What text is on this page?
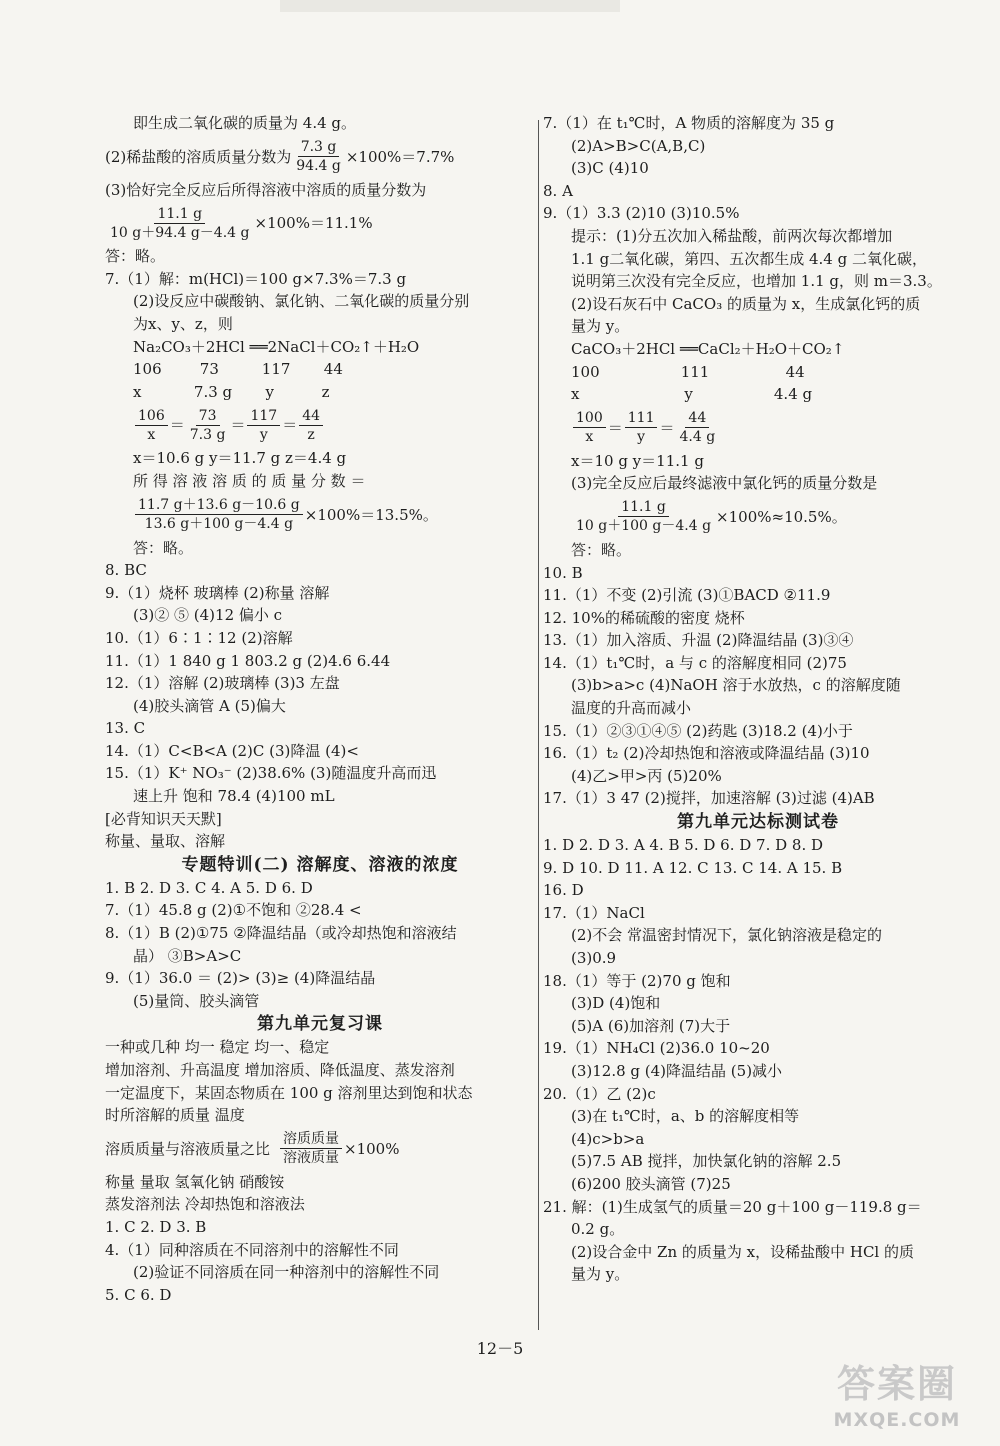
即生成二氧化碳的质量为 4.4 g。
(2)稀盐酸的溶质质量分数为 $\frac{7.3 g}{94.4 g} \times 100\%=7.7\%$
(3)恰好完全反应后所得溶液中溶质的质量分数为
$\frac{11.1 g}{10 g+94.4 g-4.4 g} \times 100\%=11.1\%$
答：略。
7.（1）解：m(HCl)＝100 g×7.3%＝7.3 g
(2)设反应中碳酸钠、氯化钠、二氧化碳的质量分别
为x、y、z，则
Na₂CO₃＋2HCl ══2NaCl＋CO₂↑＋H₂O
106        73         117       44
x           7.3 g       y          z
$\frac{106}{x} = \frac{73}{7.3 g} = \frac{117}{y} = \frac{44}{z}$
x＝10.6 g y＝11.7 g z＝4.4 g
所 得 溶 液 溶 质 的 质 量 分 数 ＝
$\frac{11.7 g+13.6 g-10.6 g}{13.6 g+100 g-4.4 g} \times 100\%=13.5\%$。
答：略。
8. BC
9.（1）烧杯 玻璃棒 (2)称量 溶解
(3)② ⑤ (4)12 偏小 c
10.（1）6∶1∶12 (2)溶解
11.（1）1 840 g 1 803.2 g (2)4.6 6.44
12.（1）溶解 (2)玻璃棒 (3)3 左盘
(4)胶头滴管 A (5)偏大
13. C
14.（1）C<B<A (2)C (3)降温 (4)<
15.（1）K⁺ NO₃⁻ (2)38.6% (3)随温度升高而迅
速上升 饱和 78.4 (4)100 mL
[必背知识天天默]
称量、量取、溶解
专题特训(二) 溶解度、溶液的浓度
1. B 2. D 3. C 4. A 5. D 6. D
7.（1）45.8 g (2)①不饱和 ②28.4 <
8.（1）B (2)①75 ②降温结晶（或冷却热饱和溶液结
晶） ③B>A>C
9.（1）36.0 ＝ (2)> (3)≥ (4)降温结晶
(5)量筒、胶头滴管
第九单元复习课
一种或几种 均一 稳定 均一、稳定
增加溶剂、升高温度 增加溶质、降低温度、蒸发溶剂
一定温度下，某固态物质在 100 g 溶剂里达到饱和状态
时所溶解的质量 温度
溶质质量与溶液质量之比 $\frac{\text{溶质质量}}{\text{溶液质量}} \times 100\%$
称量 量取 氢氧化钠 硝酸铵
蒸发溶剂法 冷却热饱和溶液法
1. C 2. D 3. B
4.（1）同种溶质在不同溶剂中的溶解性不同
(2)验证不同溶质在同一种溶剂中的溶解性不同
5. C 6. D
7.（1）在 t₁℃时，A 物质的溶解度为 35 g
(2)A>B>C(A,B,C)
(3)C (4)10
8. A
9.（1）3.3 (2)10 (3)10.5%
提示：(1)分五次加入稀盐酸，前两次每次都增加
1.1 g二氧化碳，第四、五次都生成 4.4 g 二氧化碳，
说明第三次没有完全反应，也增加 1.1 g，则 m＝3.3。
(2)设石灰石中 CaCO₃ 的质量为 x，生成氯化钙的质
量为 y。
CaCO₃＋2HCl ══CaCl₂＋H₂O＋CO₂↑
100                 111                44
x                      y                 4.4 g
$\frac{100}{x} = \frac{111}{y} = \frac{44}{4.4 g}$
x＝10 g y＝11.1 g
(3)完全反应后最终滤液中氯化钙的质量分数是
$\frac{11.1 g}{10 g+100 g-4.4 g} \times 100\%\approx 10.5\%$。
答：略。
10. B
11.（1）不变 (2)引流 (3)①BACD ②11.9
12. 10%的稀硫酸的密度 烧杯
13.（1）加入溶质、升温 (2)降温结晶 (3)③④
14.（1）t₁℃时，a 与 c 的溶解度相同 (2)75
(3)b>a>c (4)NaOH 溶于水放热，c 的溶解度随
温度的升高而减小
15.（1）②③①④⑤ (2)药匙 (3)18.2 (4)小于
16.（1）t₂ (2)冷却热饱和溶液或降温结晶 (3)10
(4)乙>甲>丙 (5)20%
17.（1）3 47 (2)搅拌，加速溶解 (3)过滤 (4)AB
第九单元达标测试卷
1. D 2. D 3. A 4. B 5. D 6. D 7. D 8. D
9. D 10. D 11. A 12. C 13. C 14. A 15. B
16. D
17.（1）NaCl
(2)不会 常温密封情况下，氯化钠溶液是稳定的
(3)0.9
18.（1）等于 (2)70 g 饱和
(3)D (4)饱和
(5)A (6)加溶剂 (7)大于
19.（1）NH₄Cl (2)36.0 10~20
(3)12.8 g (4)降温结晶 (5)减小
20.（1）乙 (2)c
(3)在 t₁℃时，a、b 的溶解度相等
(4)c>b>a
(5)7.5 AB 搅拌，加快氯化钠的溶解 2.5
(6)200 胶头滴管 (7)25
21. 解：(1)生成氢气的质量＝20 g＋100 g－119.8 g＝
0.2 g。
(2)设合金中 Zn 的质量为 x，设稀盐酸中 HCl 的质
量为 y。
12－5
答案圈
MXQE.COM
